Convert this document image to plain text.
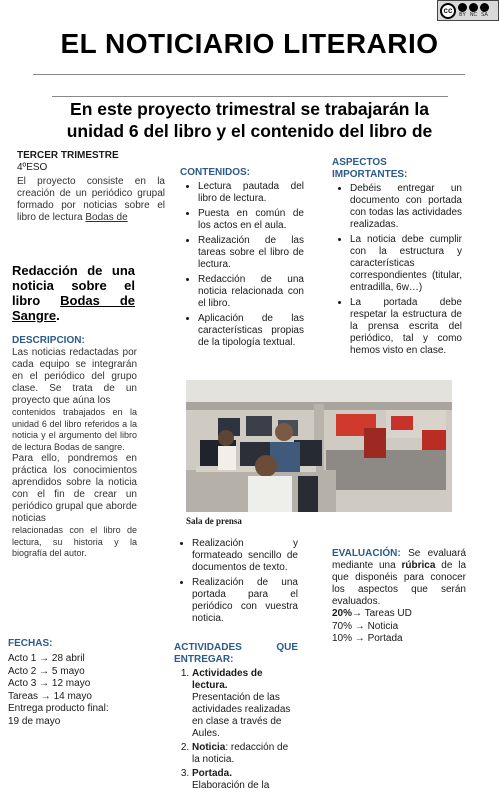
cc BY NC SA
EL NOTICIARIO LITERARIO
En este proyecto trimestral se trabajarán la
unidad 6 del libro y el contenido del libro de
TERCER TRIMESTRE
4ºESO
El proyecto consiste en la creación de un periódico grupal formado por noticias sobre el libro de lectura Bodas de
Redacción de una noticia sobre el libro Bodas de Sangre.
DESCRIPCION:
Las noticias redactadas por cada equipo se integrarán en el periódico del grupo clase. Se trata de un proyecto que aúna los
contenidos trabajados en la unidad 6 del libro referidos a la noticia y el argumento del libro de lectura Bodas de sangre.
Para ello, pondremos en práctica los conocimientos aprendidos sobre la noticia con el fin de crear un periódico grupal que aborde noticias
relacionadas con el libro de lectura, su historia y la biografía del autor.
FECHAS:
Acto 1 → 28 abril
Acto 2 → 5 mayo
Acto 3 → 12 mayo
Tareas → 14 mayo
Entrega producto final:
19 de mayo
CONTENIDOS:
• Lectura pautada del libro de lectura.
• Puesta en común de los actos en el aula.
• Realización de las tareas sobre el libro de lectura.
• Redacción de una noticia relacionada con el libro.
• Aplicación de las características propias de la tipología textual.
Sala de prensa
• Realización y formateado sencillo de documentos de texto.
• Realización de una portada para el periódico con vuestra noticia.
ACTIVIDADES QUE ENTREGAR:
1. Actividades de lectura.
Presentación de las actividades realizadas en clase a través de Aules.
2. Noticia: redacción de la noticia.
3. Portada.
Elaboración de la
ASPECTOS IMPORTANTES:
• Debéis entregar un documento con portada con todas las actividades realizadas.
• La noticia debe cumplir con la estructura y características correspondientes (titular, entradilla, 6w…)
• La portada debe respetar la estructura de la prensa escrita del periódico, tal y como hemos visto en clase.
EVALUACIÓN: Se evaluará mediante una rúbrica de la que disponéis para conocer los aspectos que serán evaluados.
20%→ Tareas UD
70% → Noticia
10% → Portada
